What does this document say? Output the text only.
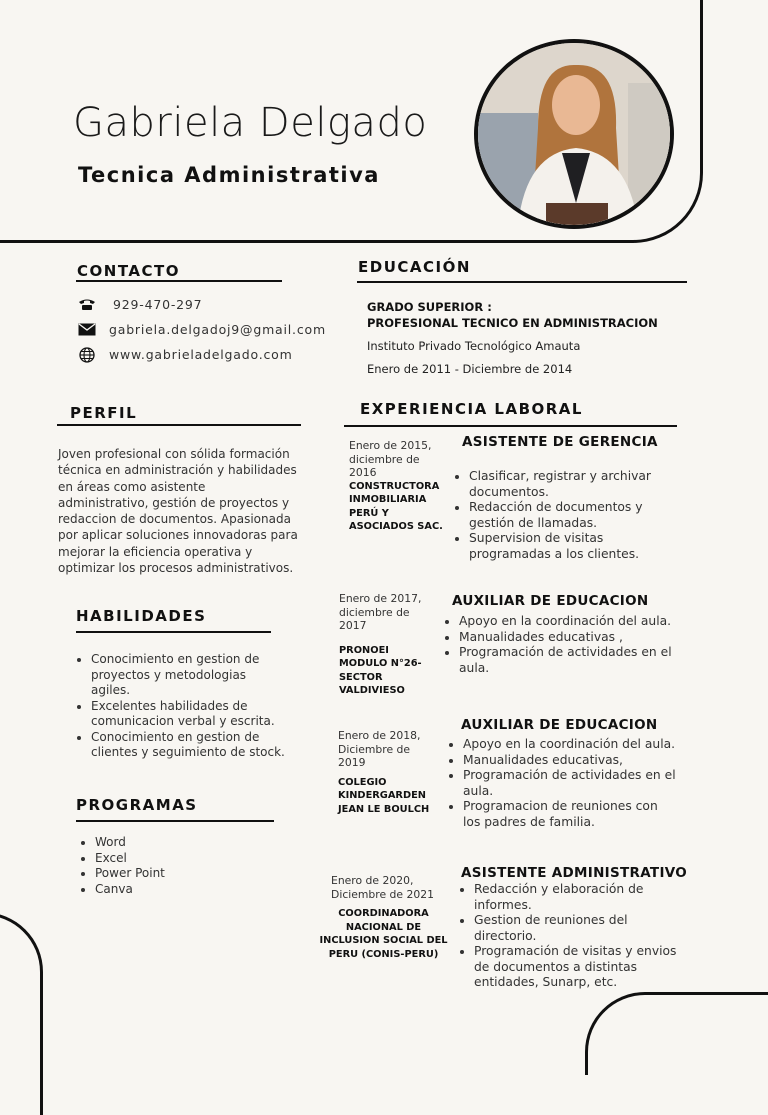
Gabriela Delgado
Tecnica Administrativa
CONTACTO
929-470-297
gabriela.delgadoj9@gmail.com
www.gabrieladelgado.com
EDUCACIÓN
GRADO SUPERIOR :
PROFESIONAL TECNICO EN ADMINISTRACION
Instituto Privado Tecnológico Amauta
Enero de 2011 - Diciembre de 2014
PERFIL
Joven profesional con sólida formación técnica en administración y habilidades en áreas como asistente administrativo, gestión de proyectos y redaccion de documentos. Apasionada por aplicar soluciones innovadoras para mejorar la eficiencia operativa y optimizar los procesos administrativos.
HABILIDADES
• Conocimiento en gestion de proyectos y metodologias agiles.
• Excelentes habilidades de comunicacion verbal y escrita.
• Conocimiento en gestion de clientes y seguimiento de stock.
PROGRAMAS
• Word
• Excel
• Power Point
• Canva
EXPERIENCIA LABORAL
Enero de 2015, diciembre de 2016
CONSTRUCTORA INMOBILIARIA PERÚ Y ASOCIADOS SAC.
ASISTENTE DE GERENCIA
• Clasificar, registrar y archivar documentos.
• Redacción de documentos y gestión de llamadas.
• Supervision de visitas programadas a los clientes.
Enero de 2017, diciembre de 2017
PRONOEI MODULO N°26- SECTOR VALDIVIESO
AUXILIAR DE EDUCACION
• Apoyo en la coordinación del aula.
• Manualidades educativas ,
• Programación de actividades en el aula.
Enero de 2018, Diciembre de 2019
COLEGIO KINDERGARDEN JEAN LE BOULCH
AUXILIAR DE EDUCACION
• Apoyo en la coordinación del aula.
• Manualidades educativas,
• Programación de actividades en el aula.
• Programacion de reuniones con los padres de familia.
Enero de 2020, Diciembre de 2021
COORDINADORA NACIONAL DE INCLUSION SOCIAL DEL PERU (CONIS-PERU)
ASISTENTE ADMINISTRATIVO
• Redacción y elaboración de informes.
• Gestion de reuniones del directorio.
• Programación de visitas y envios de documentos a distintas entidades, Sunarp, etc.
